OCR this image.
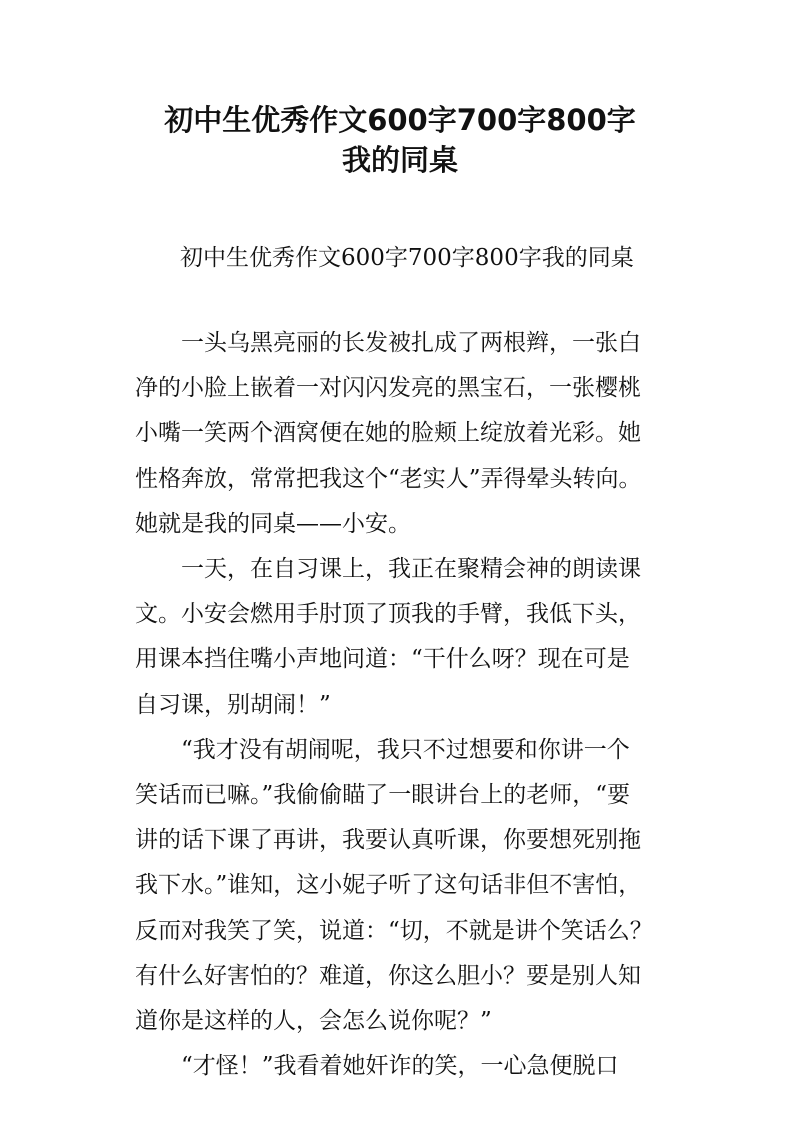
初中生优秀作文600字700字800字
我的同桌
初中生优秀作文600字700字800字我的同桌
　　一头乌黑亮丽的长发被扎成了两根辫，一张白
净的小脸上嵌着一对闪闪发亮的黑宝石，一张樱桃
小嘴一笑两个酒窝便在她的脸颊上绽放着光彩。她
性格奔放，常常把我这个“老实人”弄得晕头转向。
她就是我的同桌——小安。
　　一天，在自习课上，我正在聚精会神的朗读课
文。小安会燃用手肘顶了顶我的手臂，我低下头，
用课本挡住嘴小声地问道：“干什么呀？现在可是
自习课，别胡闹！”
　　“我才没有胡闹呢，我只不过想要和你讲一个
笑话而已嘛。”我偷偷瞄了一眼讲台上的老师，“要
讲的话下课了再讲，我要认真听课，你要想死别拖
我下水。”谁知，这小妮子听了这句话非但不害怕，
反而对我笑了笑，说道：“切，不就是讲个笑话么？
有什么好害怕的？难道，你这么胆小？要是别人知
道你是这样的人，会怎么说你呢？”
　　“才怪！”我看着她奸诈的笑，一心急便脱口
